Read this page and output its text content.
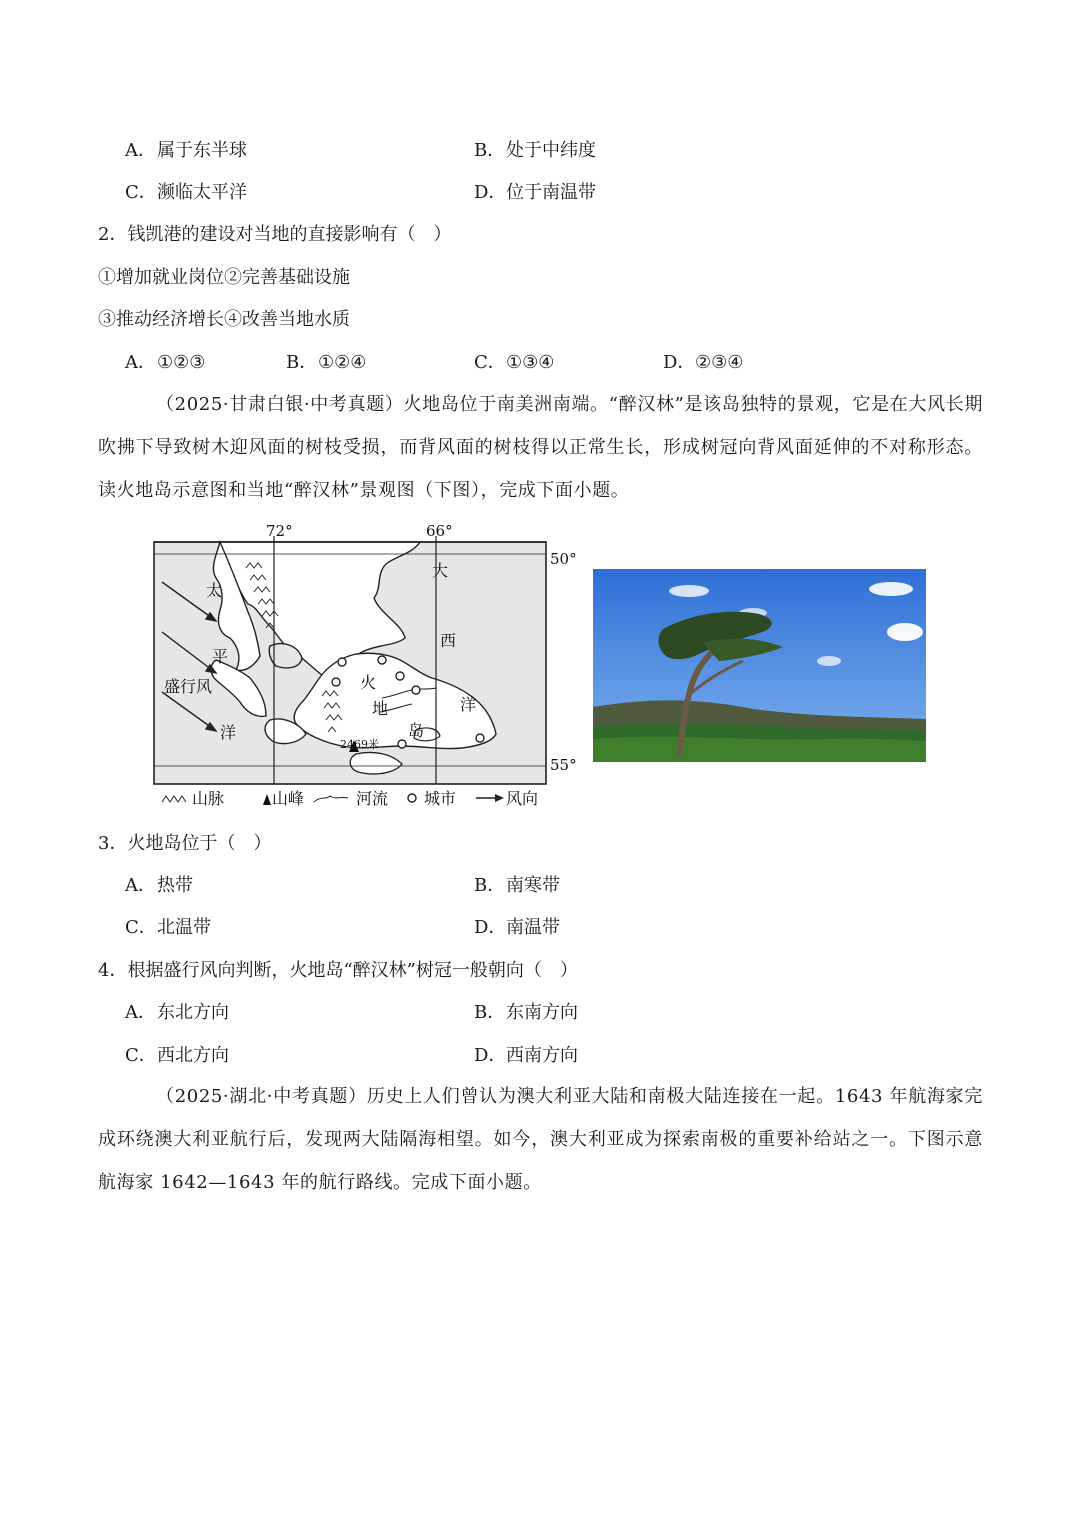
A．属于东半球	B．处于中纬度
C．濒临太平洋	D．位于南温带
2．钱凯港的建设对当地的直接影响有（　）
①增加就业岗位②完善基础设施
③推动经济增长④改善当地水质
A．①②③	B．①②④	C．①③④	D．②③④
（2025·甘肃白银·中考真题）火地岛位于南美洲南端。“醉汉林”是该岛独特的景观，它是在大风长期吹拂下导致树木迎风面的树枝受损，而背风面的树枝得以正常生长，形成树冠向背风面延伸的不对称形态。读火地岛示意图和当地“醉汉林”景观图（下图），完成下面小题。
72°	66°
50°
55°
太
平
洋
大
西
洋
火
地
岛
盛行风
2469米
山脉	山峰	河流 城市	风向
3．火地岛位于（　）
A．热带	B．南寒带
C．北温带	D．南温带
4．根据盛行风向判断，火地岛“醉汉林”树冠一般朝向（　）
A．东北方向	B．东南方向
C．西北方向	D．西南方向
（2025·湖北·中考真题）历史上人们曾认为澳大利亚大陆和南极大陆连接在一起。1643 年航海家完成环绕澳大利亚航行后，发现两大陆隔海相望。如今，澳大利亚成为探索南极的重要补给站之一。下图示意航海家 1642—1643 年的航行路线。完成下面小题。
